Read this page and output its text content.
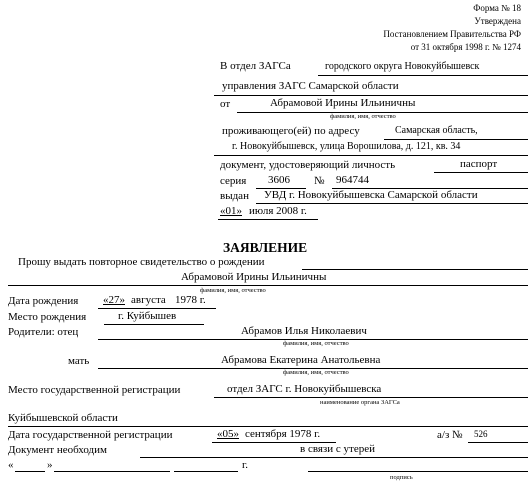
Форма № 18
Утверждена
Постановлением Правительства РФ
от 31 октября 1998 г. № 1274
В отдел ЗАГСа	городского округа Новокуйбышевск
управления ЗАГС Самарской области
от	Абрамовой Ирины Ильиничны
фамилия, имя, отчество
проживающего(ей) по адресу	Самарская область,
г. Новокуйбышевск, улица Ворошилова, д. 121, кв. 34
документ, удостоверяющий личность	паспорт
серия 3606 № 964744
выдан УВД г. Новокуйбышевска Самарской области
«01» июля 2008 г.
ЗАЯВЛЕНИЕ
Прошу выдать повторное свидетельство о рождении
Абрамовой Ирины Ильиничны
фамилия, имя, отчество
Дата рождения «27» августа 1978 г.
Место рождения	г. Куйбышев
Родители: отец	Абрамов Илья Николаевич
фамилия, имя, отчество
мать	Абрамова Екатерина Анатольевна
фамилия, имя, отчество
Место государственной регистрации	отдел ЗАГС г. Новокуйбышевска
наименование органа ЗАГСа
Куйбышевской области
Дата государственной регистрации	«05» сентября 1978 г.	а/з № 526
Документ необходим	в связи с утерей
«	»	г.
подпись
